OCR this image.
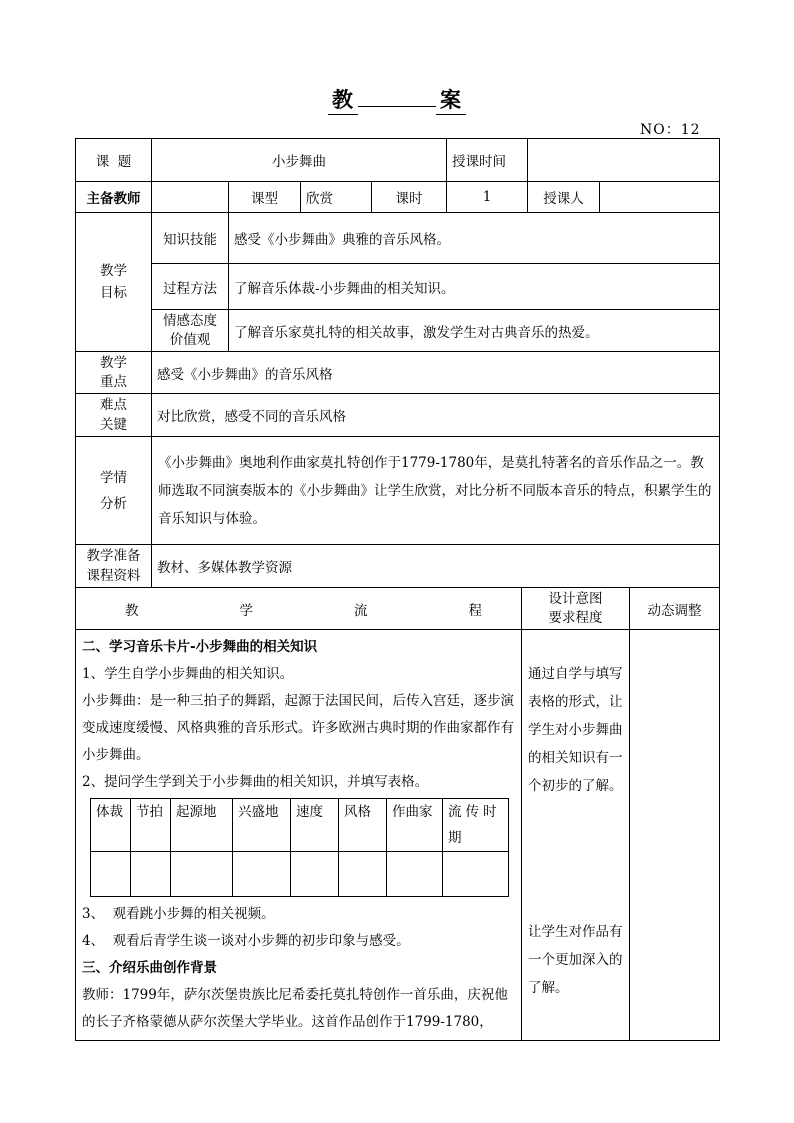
教	案
NO：12
课  题	小步舞曲	授课时间	
主备教师		课型	欣赏	课时	1	授课人	

教学目标
	知识技能	感受《小步舞曲》典雅的音乐风格。
过程方法	了解音乐体裁-小步舞曲的相关知识。

情感态度价值观	了解音乐家莫扎特的相关故事，激发学生对古典音乐的热爱。

教学重点	感受《小步舞曲》的音乐风格

难点关键	对比欣赏，感受不同的音乐风格

学情分析
	《小步舞曲》奥地利作曲家莫扎特创作于1779-1780年，是莫扎特著名的音乐作品之一。教师选取不同演奏版本的《小步舞曲》让学生欣赏，对比分析不同版本音乐的特点，积累学生的音乐知识与体验。

教学准备课程资料	教材、多媒体教学资源

教	学	流	程

设计意图要求程度	动态调整

二、学习音乐卡片-小步舞曲的相关知识

1、学生自学小步舞曲的相关知识。

小步舞曲：是一种三拍子的舞蹈，起源于法国民间，后传入宫廷，逐步演变成速度缓慢、风格典雅的音乐形式。许多欧洲古典时期的作曲家都作有小步舞曲。

2、提问学生学到关于小步舞曲的相关知识，并填写表格。

体裁	节拍	起源地	兴盛地	速度	风格	作曲家	流传时期

3、  观看跳小步舞的相关视频。

4、  观看后青学生谈一谈对小步舞的初步印象与感受。

三、介绍乐曲创作背景

教师：1799年，萨尔茨堡贵族比尼希委托莫扎特创作一首乐曲，庆祝他的长子齐格蒙德从萨尔茨堡大学毕业。这首作品创作于1799-1780，

通过自学与填写表格的形式，让学生对小步舞曲的相关知识有一个初步的了解。

让学生对作品有一个更加深入的了解。
